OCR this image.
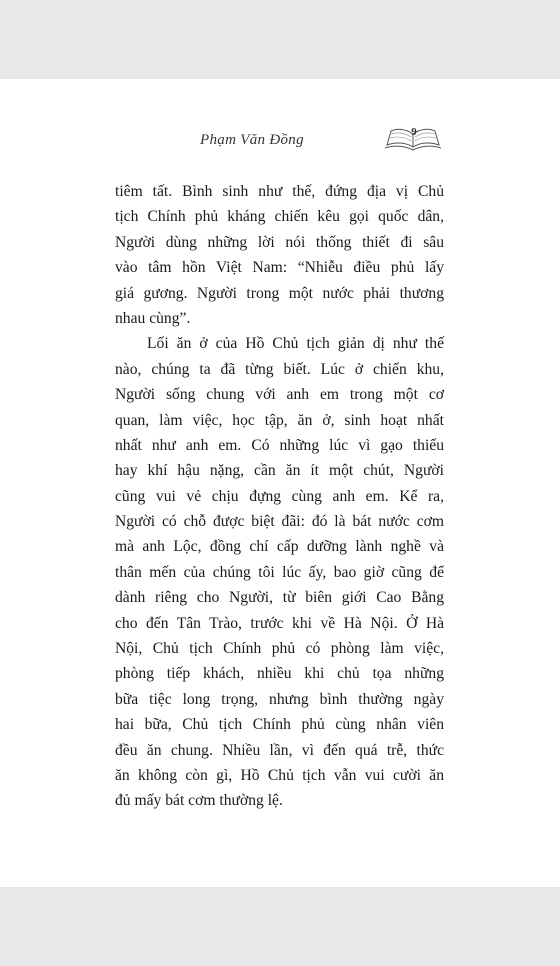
Phạm Văn Đồng	9
tiêm tất. Bình sinh như thế, đứng địa vị Chủ
tịch Chính phủ kháng chiến kêu gọi quốc dân,
Người dùng những lời nói thống thiết đi sâu
vào tâm hồn Việt Nam: “Nhiễu điều phủ lấy
giá gương. Người trong một nước phải thương
nhau cùng”.
Lối ăn ở của Hồ Chủ tịch giản dị như thế
nào, chúng ta đã từng biết. Lúc ở chiến khu,
Người sống chung với anh em trong một cơ
quan, làm việc, học tập, ăn ở, sinh hoạt nhất
nhất như anh em. Có những lúc vì gạo thiếu
hay khí hậu nặng, cần ăn ít một chút, Người
cũng vui vẻ chịu đựng cùng anh em. Kể ra,
Người có chỗ được biệt đãi: đó là bát nước cơm
mà anh Lộc, đồng chí cấp dưỡng lành nghề và
thân mến của chúng tôi lúc ấy, bao giờ cũng để
dành riêng cho Người, từ biên giới Cao Bằng
cho đến Tân Trào, trước khi về Hà Nội. Ở Hà
Nội, Chủ tịch Chính phủ có phòng làm việc,
phòng tiếp khách, nhiều khi chủ tọa những
bữa tiệc long trọng, nhưng bình thường ngày
hai bữa, Chủ tịch Chính phủ cùng nhân viên
đều ăn chung. Nhiều lần, vì đến quá trễ, thức
ăn không còn gì, Hồ Chủ tịch vẫn vui cười ăn
đủ mấy bát cơm thường lệ.
